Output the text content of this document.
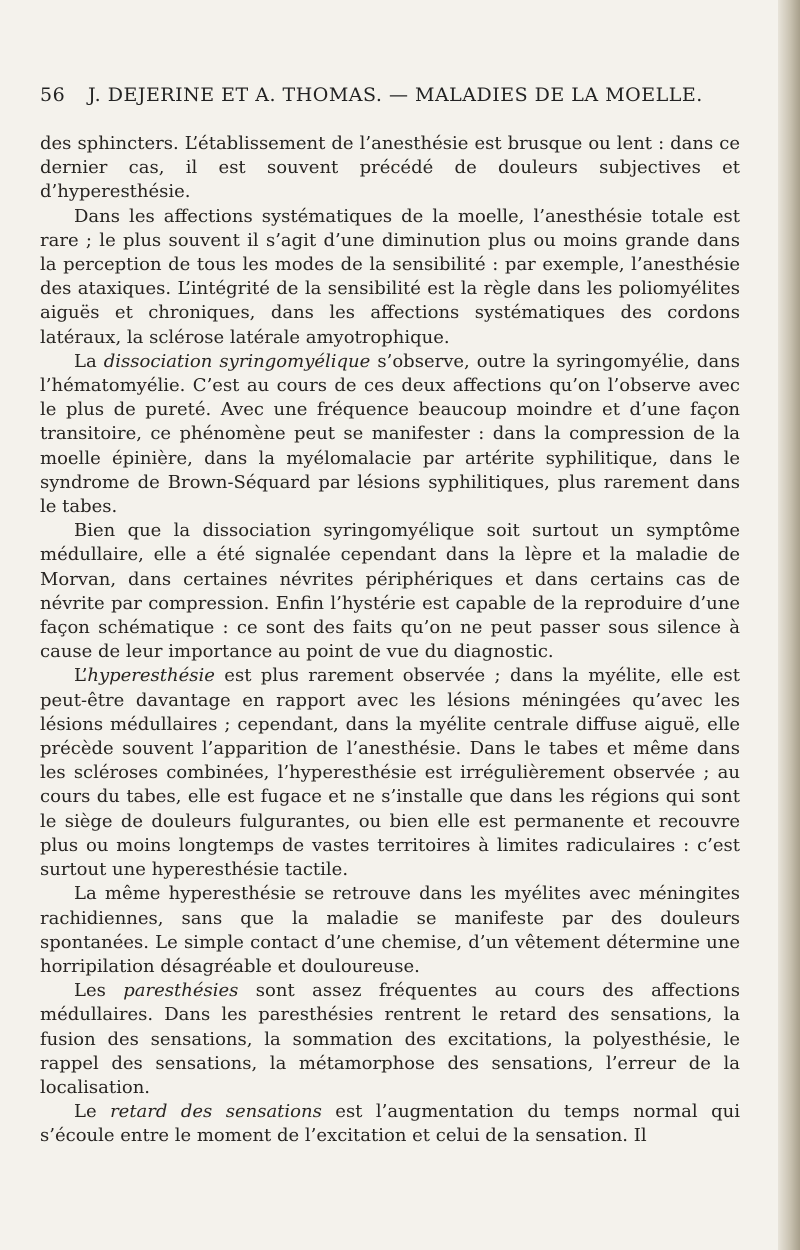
56 J. DEJERINE ET A. THOMAS. — MALADIES DE LA MOELLE.

des sphincters. L’établissement de l’anesthésie est brusque ou lent : dans ce dernier cas, il est souvent précédé de douleurs subjectives et d’hyperesthésie.

Dans les affections systématiques de la moelle, l’anesthésie totale est rare ; le plus souvent il s’agit d’une diminution plus ou moins grande dans la perception de tous les modes de la sensibilité : par exemple, l’anesthésie des ataxiques. L’intégrité de la sensibilité est la règle dans les poliomyélites aiguës et chroniques, dans les affections systématiques des cordons latéraux, la sclérose latérale amyotrophique.

La dissociation syringomyélique s’observe, outre la syringomyélie, dans l’hématomyélie. C’est au cours de ces deux affections qu’on l’observe avec le plus de pureté. Avec une fréquence beaucoup moindre et d’une façon transitoire, ce phénomène peut se manifester : dans la compression de la moelle épinière, dans la myélomalacie par artérite syphilitique, dans le syndrome de Brown-Séquard par lésions syphilitiques, plus rarement dans le tabes.

Bien que la dissociation syringomyélique soit surtout un symptôme médullaire, elle a été signalée cependant dans la lèpre et la maladie de Morvan, dans certaines névrites périphériques et dans certains cas de névrite par compression. Enfin l’hystérie est capable de la reproduire d’une façon schématique : ce sont des faits qu’on ne peut passer sous silence à cause de leur importance au point de vue du diagnostic.

L’hyperesthésie est plus rarement observée ; dans la myélite, elle est peut-être davantage en rapport avec les lésions méningées qu’avec les lésions médullaires ; cependant, dans la myélite centrale diffuse aiguë, elle précède souvent l’apparition de l’anesthésie. Dans le tabes et même dans les scléroses combinées, l’hyperesthésie est irrégulièrement observée ; au cours du tabes, elle est fugace et ne s’installe que dans les régions qui sont le siège de douleurs fulgurantes, ou bien elle est permanente et recouvre plus ou moins longtemps de vastes territoires à limites radiculaires : c’est surtout une hyperesthésie tactile.

La même hyperesthésie se retrouve dans les myélites avec méningites rachidiennes, sans que la maladie se manifeste par des douleurs spontanées. Le simple contact d’une chemise, d’un vêtement détermine une horripilation désagréable et douloureuse.

Les paresthésies sont assez fréquentes au cours des affections médullaires. Dans les paresthésies rentrent le retard des sensations, la fusion des sensations, la sommation des excitations, la polyesthésie, le rappel des sensations, la métamorphose des sensations, l’erreur de la localisation.

Le retard des sensations est l’augmentation du temps normal qui s’écoule entre le moment de l’excitation et celui de la sensation. Il
